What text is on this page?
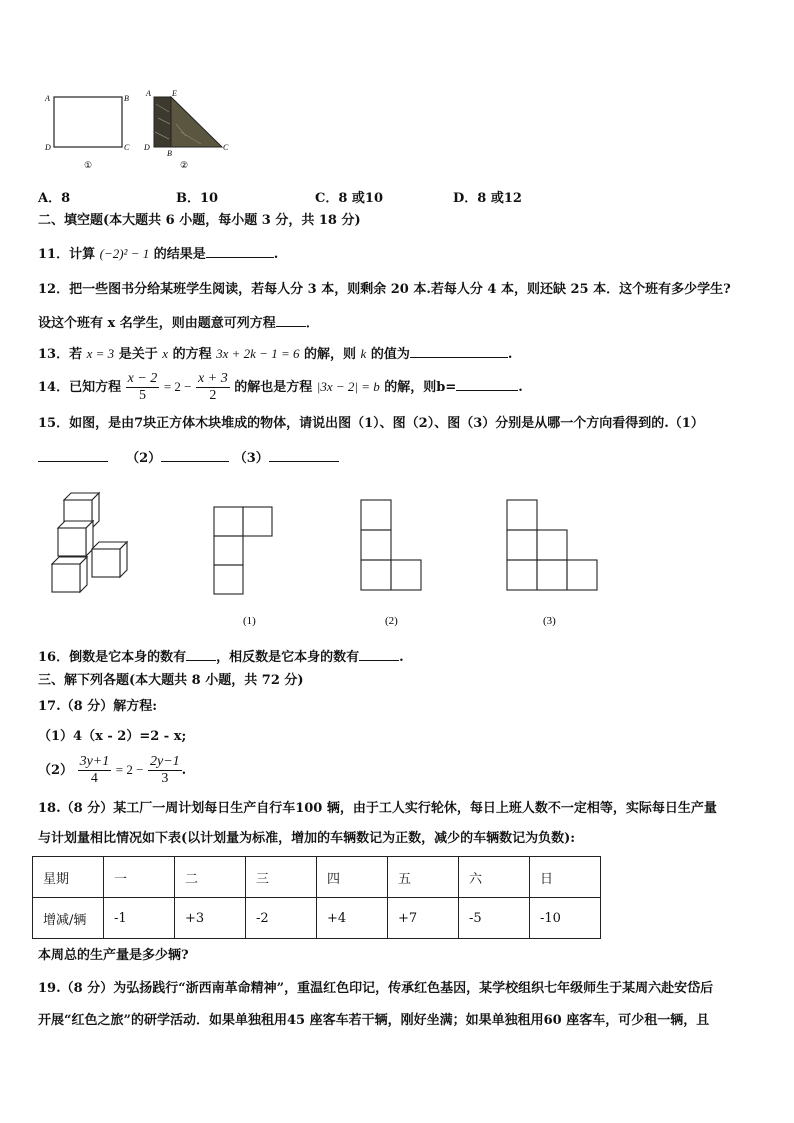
A	B
D	C
①
A	E
D
B
C
②
A．8	B．10	C．8 或10	D．8 或12
二、填空题(本大题共 6 小题，每小题 3 分，共 18 分)
11．计算 (−2)² − 1 的结果是	.
12．把一些图书分给某班学生阅读，若每人分 3 本，则剩余 20 本.若每人分 4 本，则还缺 25 本．这个班有多少学生?
设这个班有 x 名学生，则由题意可列方程 ．
13．若 x = 3 是关于 x 的方程 3x + 2k − 1 = 6 的解，则 k 的值为	.
14．已知方程 $\frac{x - 2}{5} = 2 - \frac{x + 3}{2}$ 的解也是方程 |3x − 2| = b 的解，则b=	.
15．如图，是由7块正方体木块堆成的物体，请说出图（1）、图（2）、图（3）分别是从哪一个方向看得到的.（1）
（2）	（3）
(1)	(2)	(3)
16．倒数是它本身的数有 ，相反数是它本身的数有	.
三、解下列各题(本大题共 8 小题，共 72 分)
17.（8 分）解方程:
（1）4（x - 2）=2 - x;
$(2) \frac{3y+1}{4} = 2 - \frac{2y-1}{3}$ .
18.（8 分）某工厂一周计划每日生产自行车100 辆，由于工人实行轮休，每日上班人数不一定相等，实际每日生产量
与计划量相比情况如下表(以计划量为标准，增加的车辆数记为正数，减少的车辆数记为负数):
星期	一	二	三	四	五	六	日
增减/辆	-1	+3	-2	+4	+7	-5	-10
本周总的生产量是多少辆?
19.（8 分）为弘扬践行“浙西南革命精神”，重温红色印记，传承红色基因，某学校组织七年级师生于某周六赴安岱后
开展“红色之旅”的研学活动．如果单独租用45 座客车若干辆，刚好坐满；如果单独租用60 座客车，可少租一辆，且
